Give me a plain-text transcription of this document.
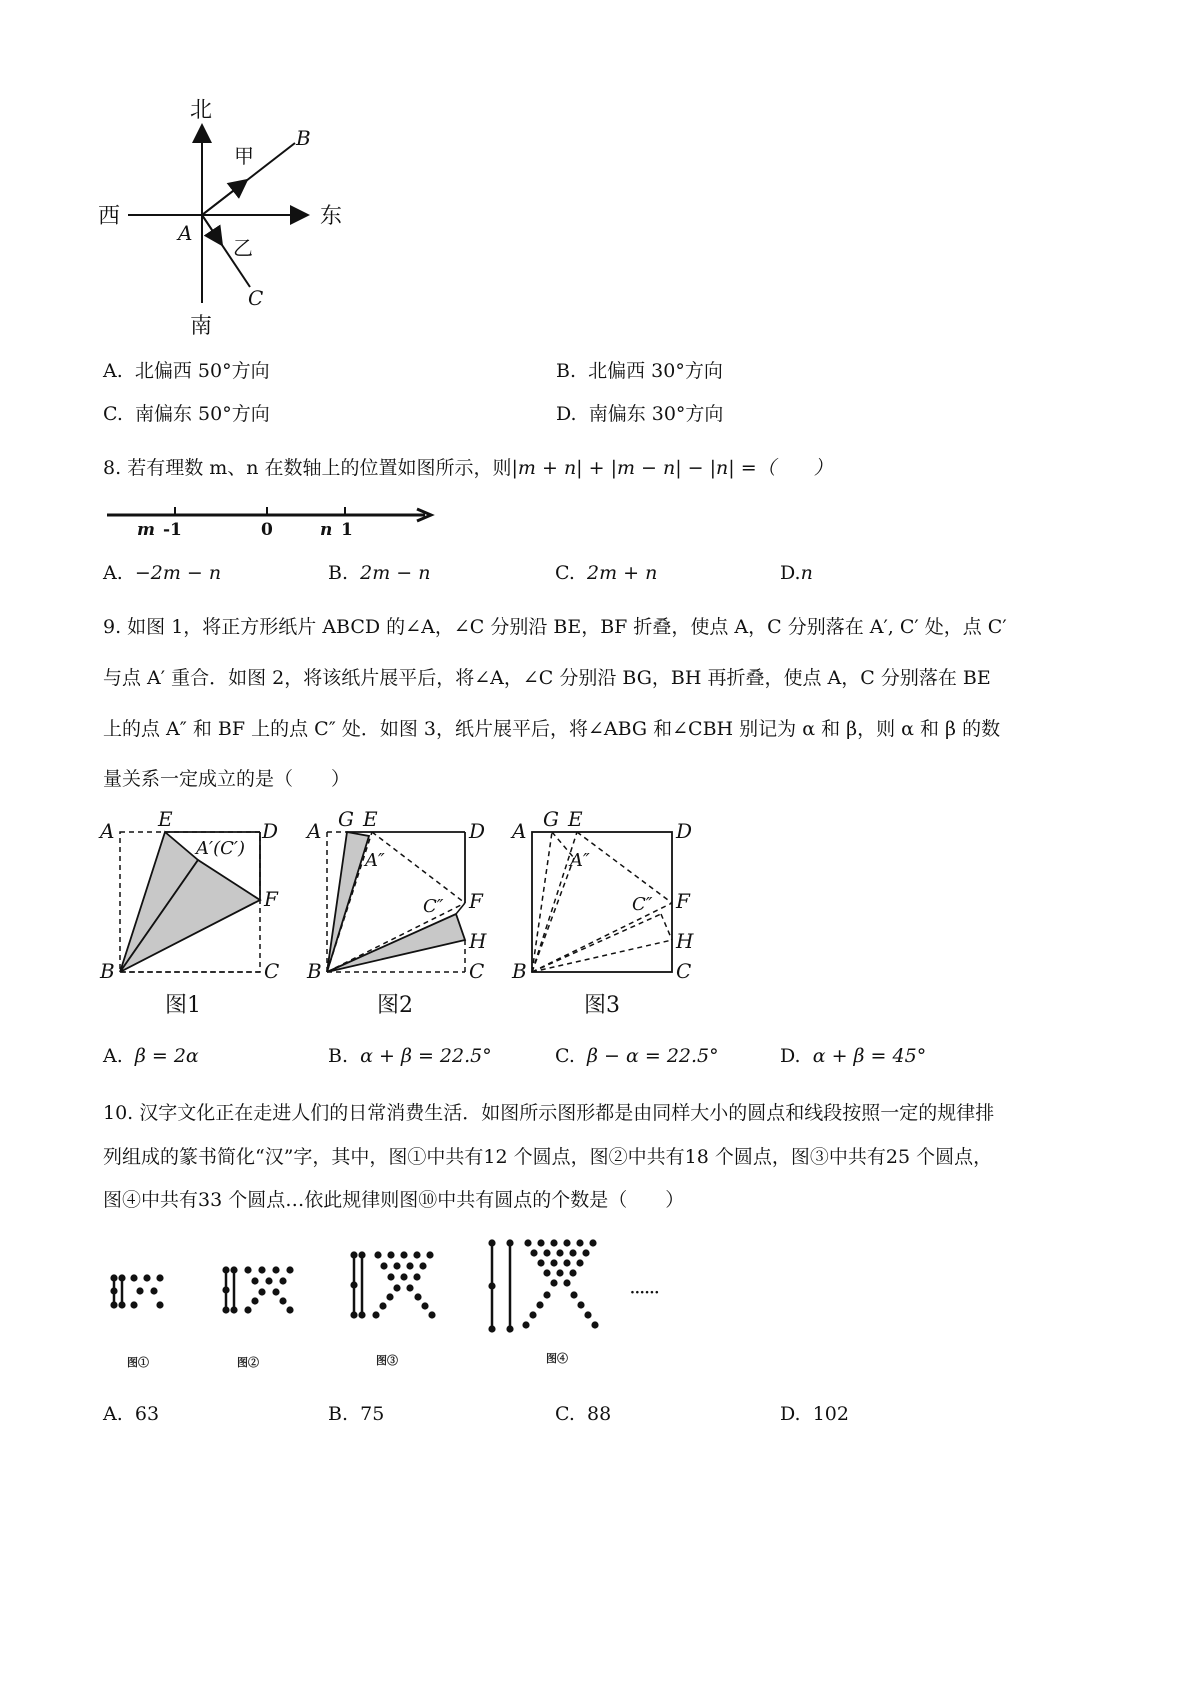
北
南
西	东
A
B
C
甲
乙
A. 北偏西 50°方向	B. 北偏西 30°方向
C. 南偏东 50°方向	D. 南偏东 30°方向
8. 若有理数 m、n 在数轴上的位置如图所示，则|m + n| + |m − n| − |n| =（　　）
m -1	0	n 1
A. −2m − n	B. 2m − n	C. 2m + n	D.n
9. 如图 1，将正方形纸片 ABCD 的∠A，∠C 分别沿 BE，BF 折叠，使点 A，C 分别落在 A′, C′ 处，点 C′
与点 A′ 重合．如图 2，将该纸片展平后，将∠A，∠C 分别沿 BG，BH 再折叠，使点 A，C 分别落在 BE
上的点 A″ 和 BF 上的点 C″ 处．如图 3，纸片展平后，将∠ABG 和∠CBH 别记为 α 和 β，则 α 和 β 的数
量关系一定成立的是（　　）
A E	D
A′(C′)
F
B	C
A G E	D
A″
C″ F
H
B	C
A G E	D
A″
C″ F
H
B	C
图1	图2	图3
A. β = 2α	B. α + β = 22.5°	C. β − α = 22.5°	D. α + β = 45°
10. 汉字文化正在走进人们的日常消费生活．如图所示图形都是由同样大小的圆点和线段按照一定的规律排
列组成的篆书简化“汉”字，其中，图①中共有12 个圆点，图②中共有18 个圆点，图③中共有25 个圆点，
图④中共有33 个圆点…依此规律则图⑩中共有圆点的个数是（　　）
······
图①	图②	图③	图④
A. 63	B. 75	C. 88	D. 102
